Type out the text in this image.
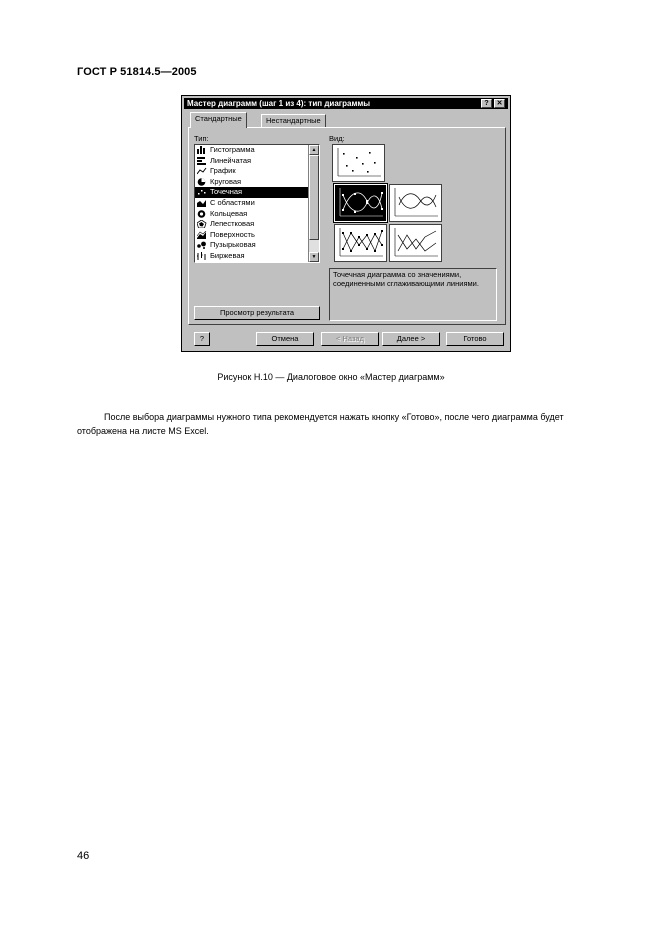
ГОСТ Р 51814.5—2005
Мастер диаграмм (шаг 1 из 4): тип диаграммы	?	✕
Стандартные	Нестандартные
Тип:	Вид:
Гистограмма
Линейчатая
График
Круговая
Точечная
С областями
Кольцевая
Лепестковая
Поверхность
Пузырьковая
Биржевая
▲
▼
Точечная диаграмма со значениями, соединенными сглаживающими линиями.
Просмотр результата
?	Отмена	< Назад	Далее >	Готово
Рисунок Н.10 — Диалоговое окно «Мастер диаграмм»
После выбора диаграммы нужного типа рекомендуется нажать кнопку «Готово», после чего диаграмма будет отображена на листе MS Excel.
46
